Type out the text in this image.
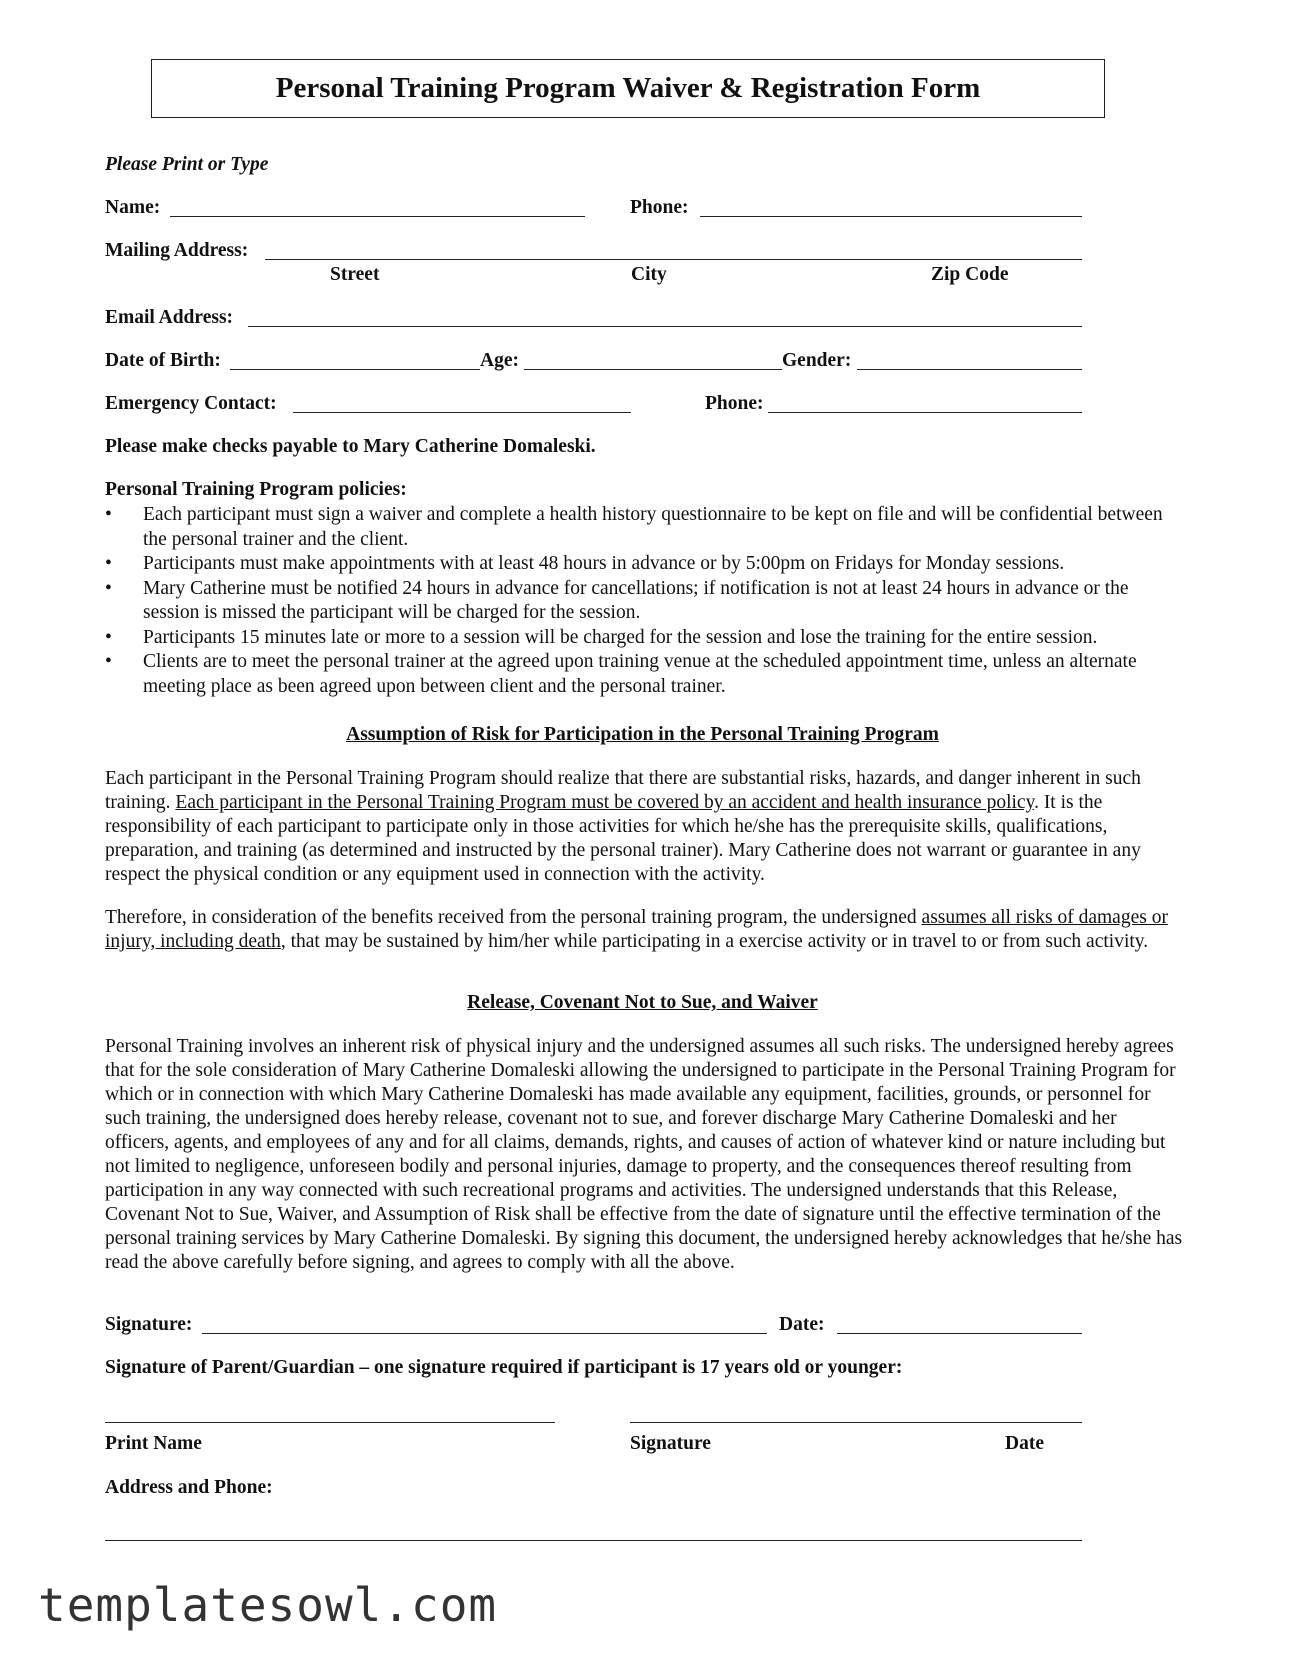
Personal Training Program Waiver & Registration Form
Please Print or Type
Name:	Phone:
Mailing Address:
Street	City	Zip Code
Email Address:
Date of Birth:	Age:	Gender:
Emergency Contact:	Phone:
Please make checks payable to Mary Catherine Domaleski.
Personal Training Program policies:
• Each participant must sign a waiver and complete a health history questionnaire to be kept on file and will be confidential between the personal trainer and the client.
• Participants must make appointments with at least 48 hours in advance or by 5:00pm on Fridays for Monday sessions.
• Mary Catherine must be notified 24 hours in advance for cancellations; if notification is not at least 24 hours in advance or the session is missed the participant will be charged for the session.
• Participants 15 minutes late or more to a session will be charged for the session and lose the training for the entire session.
• Clients are to meet the personal trainer at the agreed upon training venue at the scheduled appointment time, unless an alternate meeting place as been agreed upon between client and the personal trainer.
Assumption of Risk for Participation in the Personal Training Program
Each participant in the Personal Training Program should realize that there are substantial risks, hazards, and danger inherent in such training. Each participant in the Personal Training Program must be covered by an accident and health insurance policy. It is the responsibility of each participant to participate only in those activities for which he/she has the prerequisite skills, qualifications, preparation, and training (as determined and instructed by the personal trainer). Mary Catherine does not warrant or guarantee in any respect the physical condition or any equipment used in connection with the activity.
Therefore, in consideration of the benefits received from the personal training program, the undersigned assumes all risks of damages or injury, including death, that may be sustained by him/her while participating in a exercise activity or in travel to or from such activity.
Release, Covenant Not to Sue, and Waiver
Personal Training involves an inherent risk of physical injury and the undersigned assumes all such risks. The undersigned hereby agrees that for the sole consideration of Mary Catherine Domaleski allowing the undersigned to participate in the Personal Training Program for which or in connection with which Mary Catherine Domaleski has made available any equipment, facilities, grounds, or personnel for such training, the undersigned does hereby release, covenant not to sue, and forever discharge Mary Catherine Domaleski and her officers, agents, and employees of any and for all claims, demands, rights, and causes of action of whatever kind or nature including but not limited to negligence, unforeseen bodily and personal injuries, damage to property, and the consequences thereof resulting from participation in any way connected with such recreational programs and activities. The undersigned understands that this Release, Covenant Not to Sue, Waiver, and Assumption of Risk shall be effective from the date of signature until the effective termination of the personal training services by Mary Catherine Domaleski. By signing this document, the undersigned hereby acknowledges that he/she has read the above carefully before signing, and agrees to comply with all the above.
Signature:	Date:
Signature of Parent/Guardian – one signature required if participant is 17 years old or younger:
Print Name	Signature	Date
Address and Phone:
templatesowl.com
